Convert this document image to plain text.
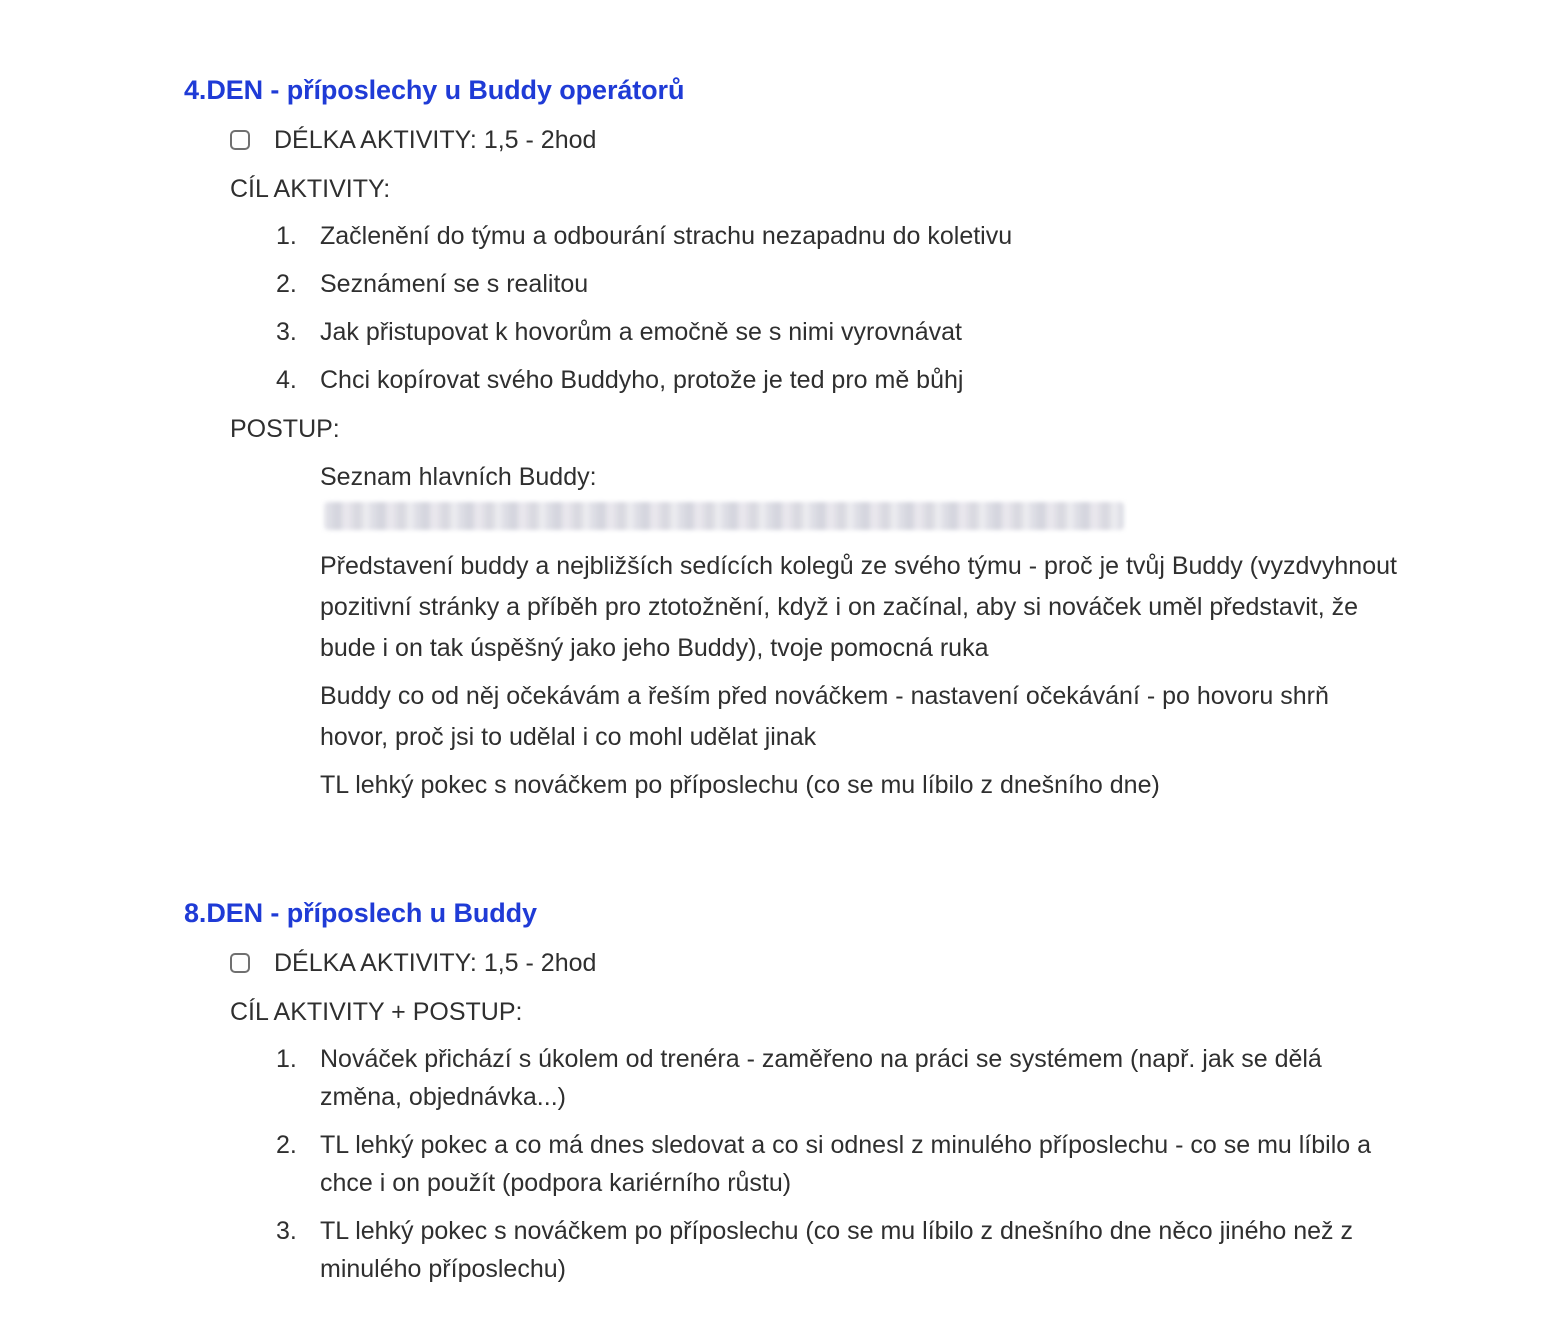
4.DEN - příposlechy u Buddy operátorů
DÉLKA AKTIVITY: 1,5 - 2hod
CÍL AKTIVITY:
1. Začlenění do týmu a odbourání strachu nezapadnu do koletivu
2. Seznámení se s realitou
3. Jak přistupovat k hovorům a emočně se s nimi vyrovnávat
4. Chci kopírovat svého Buddyho, protože je ted pro mě bůhj
POSTUP:
Seznam hlavních Buddy:
Představení buddy a nejbližších sedících kolegů ze svého týmu - proč je tvůj Buddy (vyzdvyhnout pozitivní stránky a příběh pro ztotožnění, když i on začínal, aby si nováček uměl představit, že bude i on tak úspěšný jako jeho Buddy), tvoje pomocná ruka
Buddy co od něj očekávám a řeším před nováčkem - nastavení očekávání - po hovoru shrň hovor, proč jsi to udělal i co mohl udělat jinak
TL lehký pokec s nováčkem po příposlechu (co se mu líbilo z dnešního dne)
8.DEN - příposlech u Buddy
DÉLKA AKTIVITY: 1,5 - 2hod
CÍL AKTIVITY + POSTUP:
1. Nováček přichází s úkolem od trenéra - zaměřeno na práci se systémem (např. jak se dělá změna, objednávka...)
2. TL lehký pokec a co má dnes sledovat a co si odnesl z minulého příposlechu - co se mu líbilo a chce i on použít (podpora kariérního růstu)
3. TL lehký pokec s nováčkem po příposlechu (co se mu líbilo z dnešního dne něco jiného než z minulého příposlechu)
